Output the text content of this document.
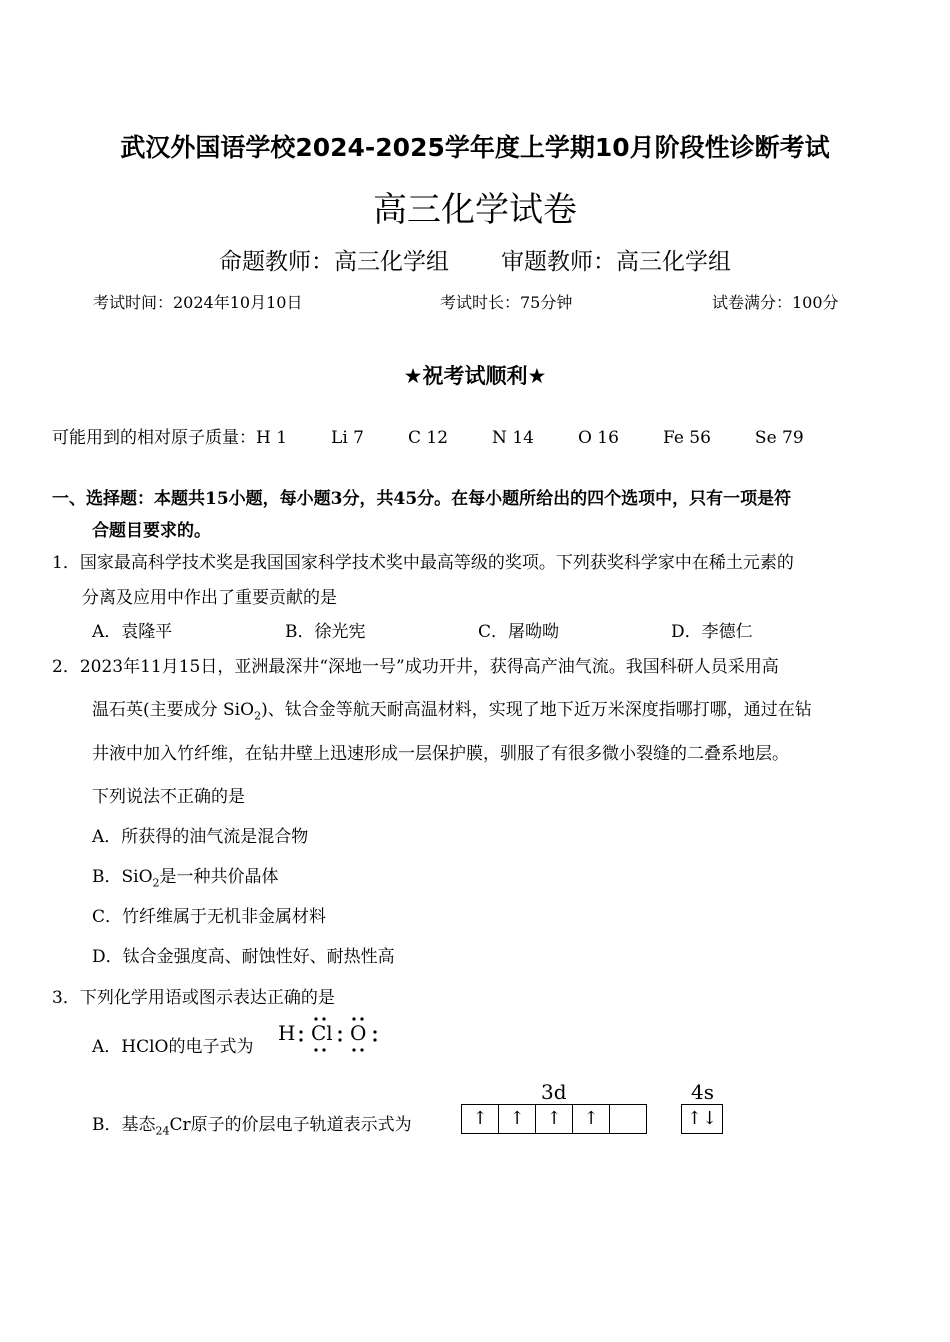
武汉外国语学校2024-2025学年度上学期10月阶段性诊断考试
高三化学试卷
命题教师：高三化学组 审题教师：高三化学组
考试时间：2024年10月10日	考试时长：75分钟	试卷满分：100分
★祝考试顺利★
可能用到的相对原子质量：H 1	Li 7	C 12	N 14	O 16	Fe 56	Se 79
一、选择题：本题共15小题，每小题3分，共45分。在每小题所给出的四个选项中，只有一项是符
合题目要求的。
1．国家最高科学技术奖是我国国家科学技术奖中最高等级的奖项。下列获奖科学家中在稀土元素的
分离及应用中作出了重要贡献的是
A．袁隆平	B．徐光宪	C．屠呦呦	D．李德仁
2．2023年11月15日，亚洲最深井“深地一号”成功开井，获得高产油气流。我国科研人员采用高
温石英(主要成分 SiO$_2$)、钛合金等航天耐高温材料，实现了地下近万米深度指哪打哪，通过在钻
井液中加入竹纤维，在钻井壁上迅速形成一层保护膜，驯服了有很多微小裂缝的二叠系地层。
下列说法不正确的是
A．所获得的油气流是混合物
B．SiO$_2$是一种共价晶体
C．竹纤维属于无机非金属材料
D．钛合金强度高、耐蚀性好、耐热性高
3．下列化学用语或图示表达正确的是
A．HClO的电子式为
H Cl O
3d	4s
B．基态$_{24}$Cr原子的价层电子轨道表示式为	↑	↑	↑	↑	↑↓
